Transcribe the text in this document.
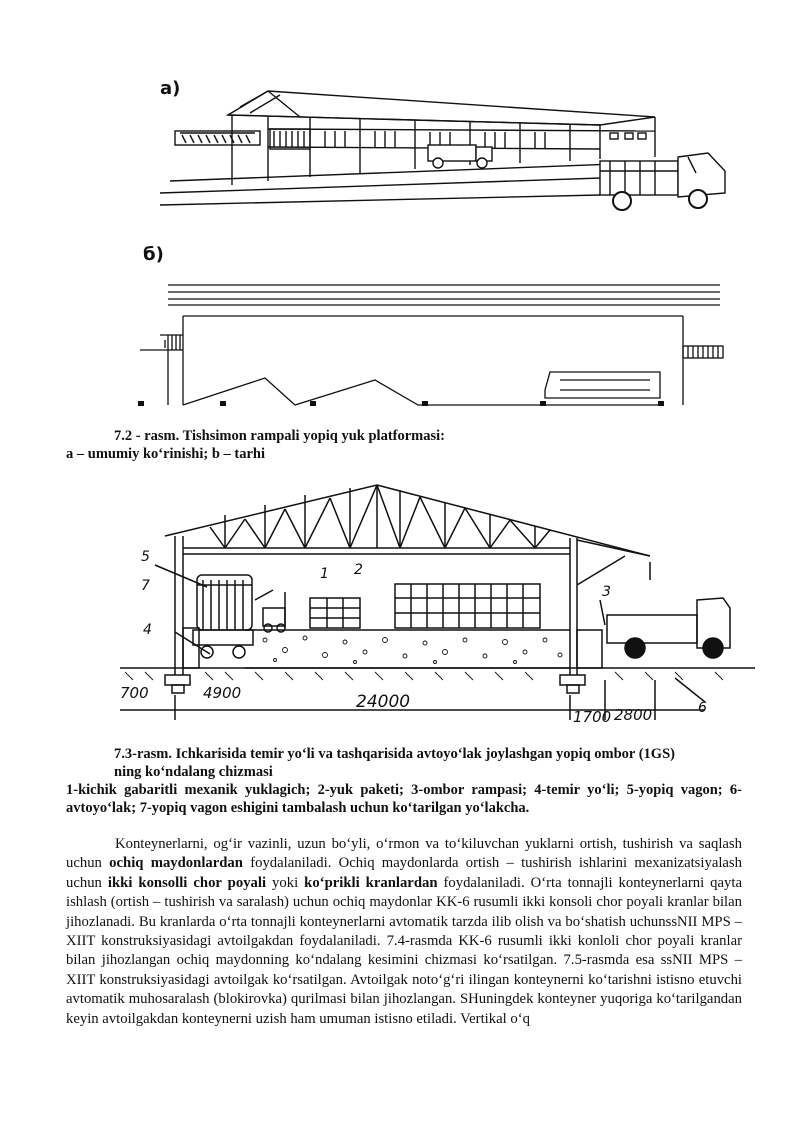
а)
б)
7.2 - rasm. Tishsimon rampali yopiq yuk platformasi:
a – umumiy ko‘rinishi; b – tarhi
5
7
4
1 2
3
6
700	4900	24000
1700 2800
7.3-rasm. Ichkarisida temir yo‘li va tashqarisida avtoyo‘lak joylashgan yopiq ombor (1GS)
ning ko‘ndalang chizmasi
1-kichik gabaritli mexanik yuklagich; 2-yuk paketi; 3-ombor rampasi; 4-temir yo‘li; 5-yopiq vagon; 6-avtoyo‘lak; 7-yopiq vagon eshigini tambalash uchun ko‘tarilgan yo‘lakcha.

Konteynerlarni, og‘ir vazinli, uzun bo‘yli, o‘rmon va to‘kiluvchan yuklarni ortish, tushirish va saqlash uchun ochiq maydonlardan foydalaniladi. Ochiq maydonlarda ortish – tushirish ishlarini mexanizatsiyalash uchun ikki konsolli chor poyali yoki ko‘prikli kranlardan foydalaniladi. O‘rta tonnajli konteynerlarni qayta ishlash (ortish – tushirish va saralash) uchun ochiq maydonlar KK-6 rusumli ikki konsoli chor poyali kranlar bilan jihozlanadi. Bu kranlarda o‘rta tonnajli konteynerlarni avtomatik tarzda ilib olish va bo‘shatish uchunssNII MPS – XIIT konstruksiyasidagi avtoilgakdan foydalaniladi. 7.4-rasmda KK-6 rusumli ikki konloli chor poyali kranlar bilan jihozlangan ochiq maydonning ko‘ndalang kesimini chizmasi ko‘rsatilgan. 7.5-rasmda esa ssNII MPS – XIIT konstruksiyasidagi avtoilgak ko‘rsatilgan. Avtoilgak noto‘g‘ri ilingan konteynerni ko‘tarishni istisno etuvchi avtomatik muhosaralash (blokirovka) qurilmasi bilan jihozlangan. SHuningdek konteyner yuqoriga ko‘tarilgandan keyin avtoilgakdan konteynerni uzish ham umuman istisno etiladi. Vertikal o‘q
